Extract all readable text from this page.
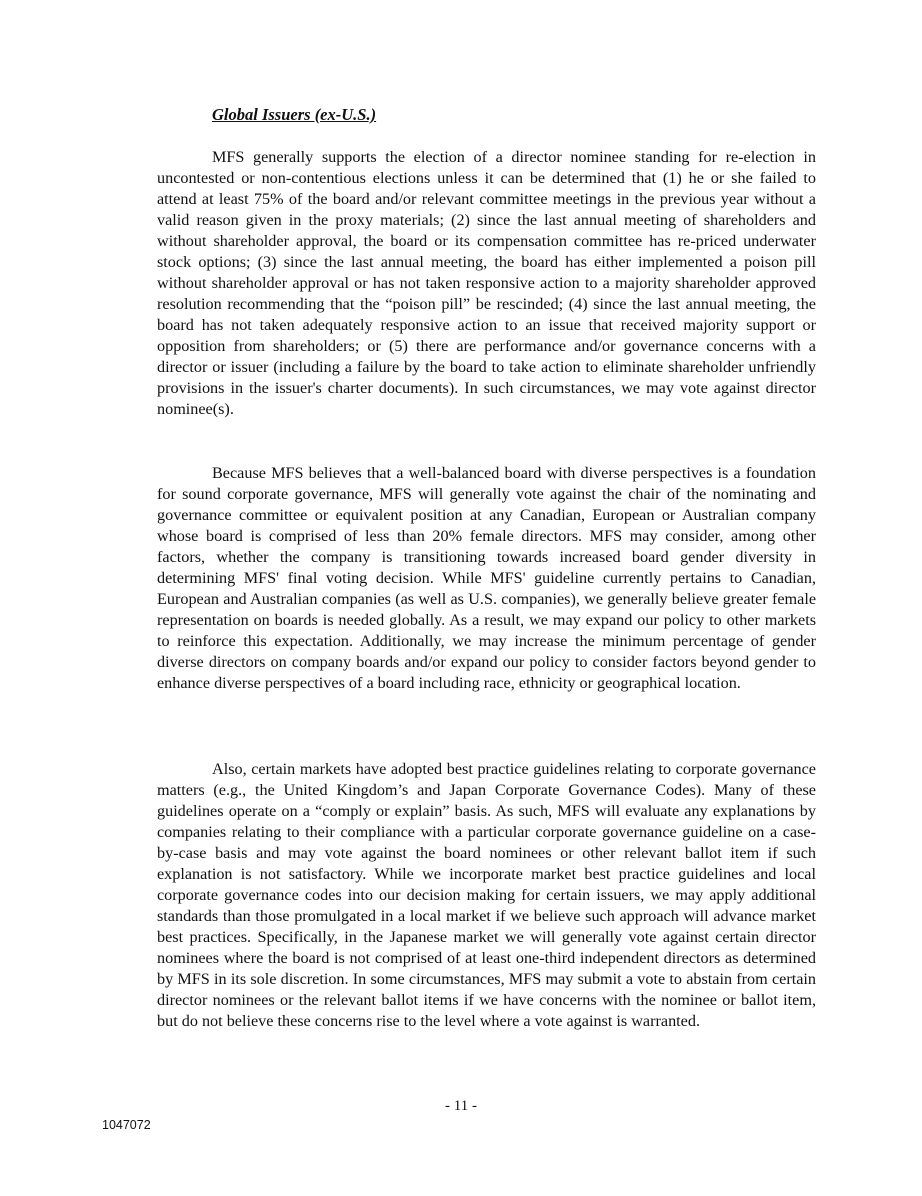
Global Issuers (ex-U.S.)

MFS generally supports the election of a director nominee standing for re-election in uncontested or non-contentious elections unless it can be determined that (1) he or she failed to attend at least 75% of the board and/or relevant committee meetings in the previous year without a valid reason given in the proxy materials; (2) since the last annual meeting of shareholders and without shareholder approval, the board or its compensation committee has re-priced underwater stock options; (3) since the last annual meeting, the board has either implemented a poison pill without shareholder approval or has not taken responsive action to a majority shareholder approved resolution recommending that the “poison pill” be rescinded; (4) since the last annual meeting, the board has not taken adequately responsive action to an issue that received majority support or opposition from shareholders; or (5) there are performance and/or governance concerns with a director or issuer (including a failure by the board to take action to eliminate shareholder unfriendly provisions in the issuer's charter documents). In such circumstances, we may vote against director nominee(s).

Because MFS believes that a well-balanced board with diverse perspectives is a foundation for sound corporate governance, MFS will generally vote against the chair of the nominating and governance committee or equivalent position at any Canadian, European or Australian company whose board is comprised of less than 20% female directors. MFS may consider, among other factors, whether the company is transitioning towards increased board gender diversity in determining MFS' final voting decision. While MFS' guideline currently pertains to Canadian, European and Australian companies (as well as U.S. companies), we generally believe greater female representation on boards is needed globally. As a result, we may expand our policy to other markets to reinforce this expectation. Additionally, we may increase the minimum percentage of gender diverse directors on company boards and/or expand our policy to consider factors beyond gender to enhance diverse perspectives of a board including race, ethnicity or geographical location.

Also, certain markets have adopted best practice guidelines relating to corporate governance matters (e.g., the United Kingdom’s and Japan Corporate Governance Codes). Many of these guidelines operate on a “comply or explain” basis. As such, MFS will evaluate any explanations by companies relating to their compliance with a particular corporate governance guideline on a case-by-case basis and may vote against the board nominees or other relevant ballot item if such explanation is not satisfactory. While we incorporate market best practice guidelines and local corporate governance codes into our decision making for certain issuers, we may apply additional standards than those promulgated in a local market if we believe such approach will advance market best practices. Specifically, in the Japanese market we will generally vote against certain director nominees where the board is not comprised of at least one-third independent directors as determined by MFS in its sole discretion. In some circumstances, MFS may submit a vote to abstain from certain director nominees or the relevant ballot items if we have concerns with the nominee or ballot item, but do not believe these concerns rise to the level where a vote against is warranted.

- 11 -
1047072
